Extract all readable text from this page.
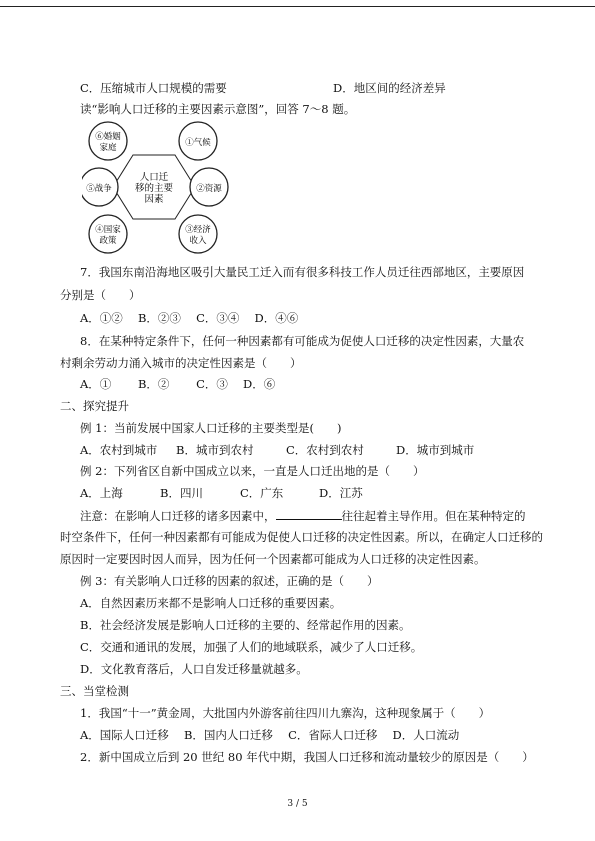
C．压缩城市人口规模的需要	D．地区间的经济差异
读“影响人口迁移的主要因素示意图”，回答 7～8 题。
人口迁
移的主要
因素
⑥婚姻
家庭	①气候
⑤战争	②资源
④国家
政策
③经济
收入
7．我国东南沿海地区吸引大量民工迁入而有很多科技工作人员迁往西部地区，主要原因
分别是（　　）
A．①② 　B．②③ 　C．③④ 　D．④⑥
8．在某种特定条件下，任何一种因素都有可能成为促使人口迁移的决定性因素，大量农
村剩余劳动力涌入城市的决定性因素是（　　）
A．① 　　B．② 　　C．③ 　D．⑥
二、探究提升
例 1：当前发展中国家人口迁移的主要类型是(　　)
A．农村到城市 B．城市到农村	C．农村到农村	D．城市到城市
例 2：下列省区自新中国成立以来，一直是人口迁出地的是（　　）
A．上海	B．四川	C．广东	D．江苏
注意：在影响人口迁移的诸多因素中，	往往起着主导作用。但在某种特定的
时空条件下，任何一种因素都有可能成为促使人口迁移的决定性因素。所以，在确定人口迁移的
原因时一定要因时因人而异，因为任何一个因素都可能成为人口迁移的决定性因素。
例 3：有关影响人口迁移的因素的叙述，正确的是（　　）
A．自然因素历来都不是影响人口迁移的重要因素。
B．社会经济发展是影响人口迁移的主要的、经常起作用的因素。
C．交通和通讯的发展，加强了人们的地域联系，减少了人口迁移。
D．文化教育落后，人口自发迁移量就越多。
三、当堂检测
1．我国“十一”黄金周，大批国内外游客前往四川九寨沟，这种现象属于（　　）
A．国际人口迁移 　B．国内人口迁移 　C．省际人口迁移 　D．人口流动
2．新中国成立后到 20 世纪 80 年代中期，我国人口迁移和流动量较少的原因是（　　）
3 / 5
